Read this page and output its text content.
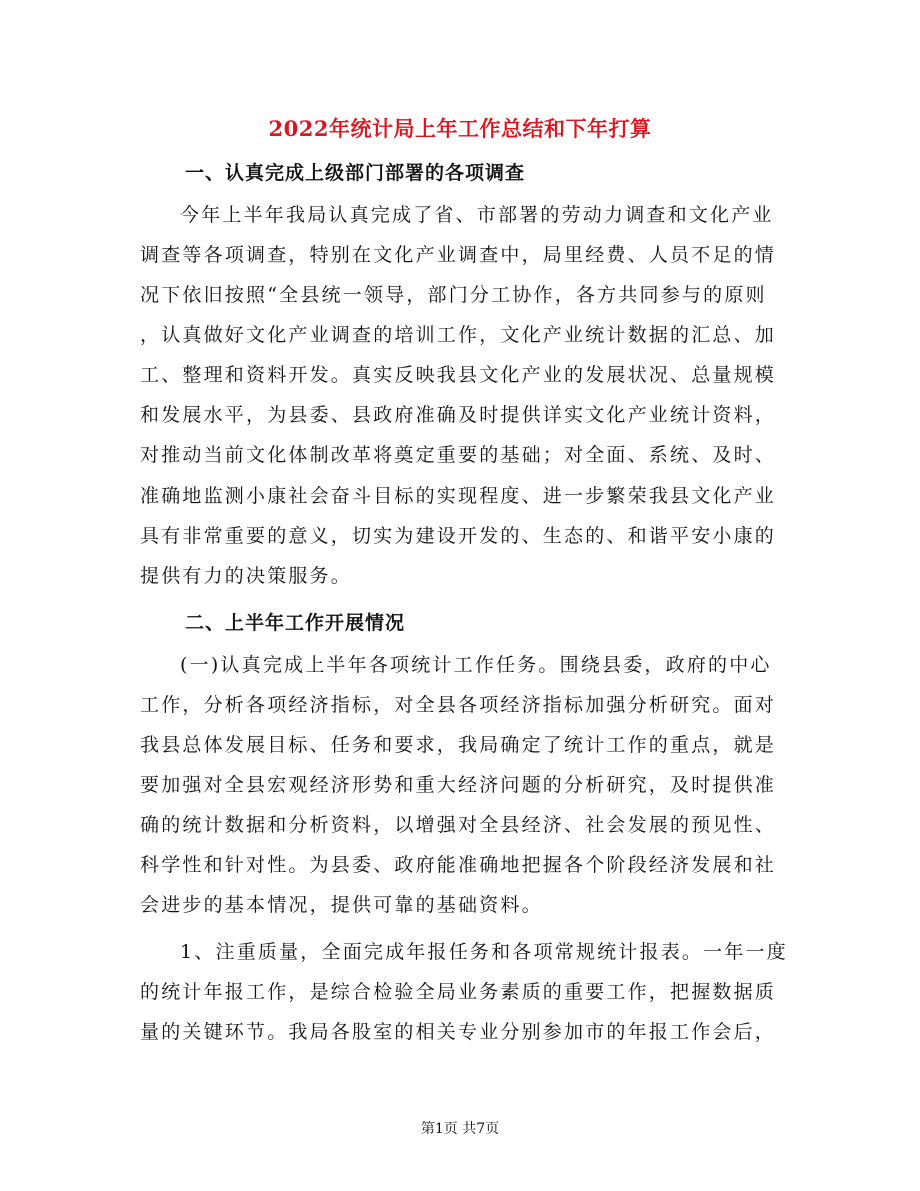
2022年统计局上年工作总结和下年打算
一、认真完成上级部门部署的各项调查
今年上半年我局认真完成了省、市部署的劳动力调查和文化产业
调查等各项调查，特别在文化产业调查中，局里经费、人员不足的情
况下依旧按照“全县统一领导，部门分工协作，各方共同参与的原则
，认真做好文化产业调查的培训工作，文化产业统计数据的汇总、加
工、整理和资料开发。真实反映我县文化产业的发展状况、总量规模
和发展水平，为县委、县政府准确及时提供详实文化产业统计资料，
对推动当前文化体制改革将奠定重要的基础；对全面、系统、及时、
准确地监测小康社会奋斗目标的实现程度、进一步繁荣我县文化产业
具有非常重要的意义，切实为建设开发的、生态的、和谐平安小康的
提供有力的决策服务。
二、上半年工作开展情况
(一)认真完成上半年各项统计工作任务。围绕县委，政府的中心
工作，分析各项经济指标，对全县各项经济指标加强分析研究。面对
我县总体发展目标、任务和要求，我局确定了统计工作的重点，就是
要加强对全县宏观经济形势和重大经济问题的分析研究，及时提供准
确的统计数据和分析资料，以增强对全县经济、社会发展的预见性、
科学性和针对性。为县委、政府能准确地把握各个阶段经济发展和社
会进步的基本情况，提供可靠的基础资料。
1、注重质量，全面完成年报任务和各项常规统计报表。一年一度
的统计年报工作，是综合检验全局业务素质的重要工作，把握数据质
量的关键环节。我局各股室的相关专业分别参加市的年报工作会后，
第1页 共7页
